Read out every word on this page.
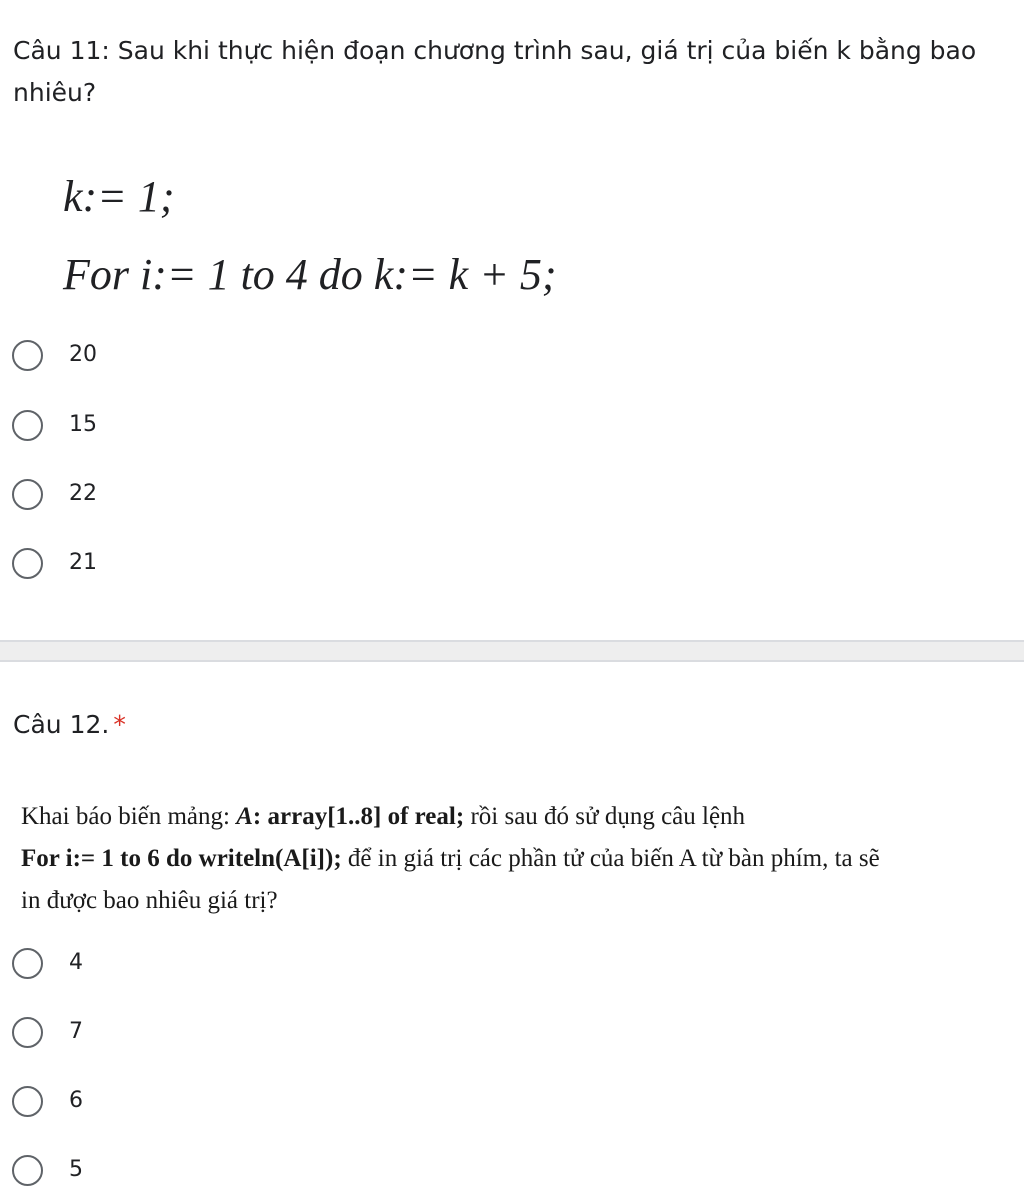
Câu 11: Sau khi thực hiện đoạn chương trình sau, giá trị của biến k bằng bao nhiêu?

k:= 1;

For i:= 1 to 4 do k:= k + 5;

20
15
22
21
Câu 12. *

Khai báo biến mảng: A: array[1..8] of real; rồi sau đó sử dụng câu lệnh

For i:= 1 to 6 do writeln(A[i]); để in giá trị các phần tử của biến A từ bàn phím, ta sẽ

in được bao nhiêu giá trị?

4
7
6
5
